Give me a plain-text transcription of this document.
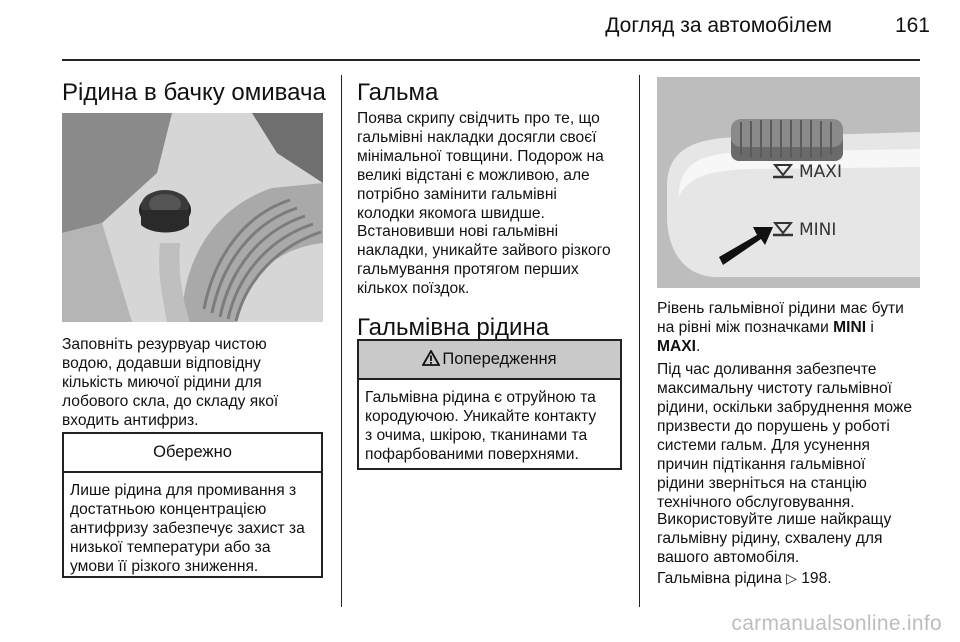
Догляд за автомобілем	161
Рідина в бачку омивача

Заповніть резурвуар чистою

водою, додавши відповідну

кількість миючої рідини для

лобового скла, до складу якої

входить антифриз.

Обережно
Лише рідина для промивання з
достатньою концентрацією
антифризу забезпечує захист за
низької температури або за
умови її різкого зниження.
Гальма

Поява скрипу свідчить про те, що

гальмівні накладки досягли своєї

мінімальної товщини. Подорож на

великі відстані є можливою, але

потрібно замінити гальмівні

колодки якомога швидше.

Встановивши нові гальмівні

накладки, уникайте зайвого різкого

гальмування протягом перших

кількох поїздок.

Гальмівна рідина
Попередження
Гальмівна рідина є отруйною та
кородуючою. Уникайте контакту
з очима, шкірою, тканинами та
пофарбованими поверхнями.
MAXI
MINI

Рівень гальмівної рідини має бути

на рівні між позначками MINI і

MAXI.

Під час доливання забезпечте

максимальну чистоту гальмівної

рідини, оскільки забруднення може

призвести до порушень у роботі

системи гальм. Для усунення

причин підтікання гальмівної

рідини зверніться на станцію

технічного обслуговування.

Використовуйте лише найкращу

гальмівну рідину, схвалену для

вашого автомобіля.

Гальмівна рідина ▷ 198.

carmanualsonline.info
